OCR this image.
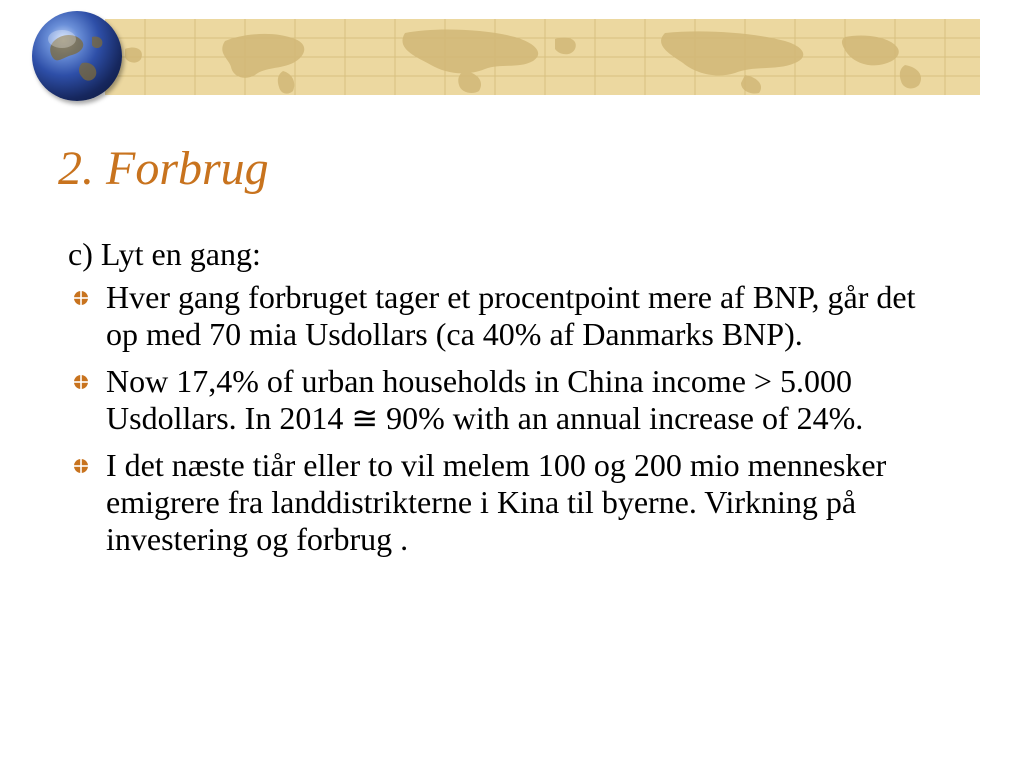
2. Forbrug

c) Lyt en gang:

Hver gang forbruget tager et procentpoint mere af BNP, går det op med 70 mia Usdollars (ca 40% af Danmarks BNP).
Now 17,4% of urban households in China income > 5.000 Usdollars. In 2014 ≅ 90% with an annual increase of 24%.
I det næste tiår eller to vil melem 100 og 200 mio mennesker emigrere fra landdistrikterne i Kina til byerne. Virkning på investering og forbrug .
